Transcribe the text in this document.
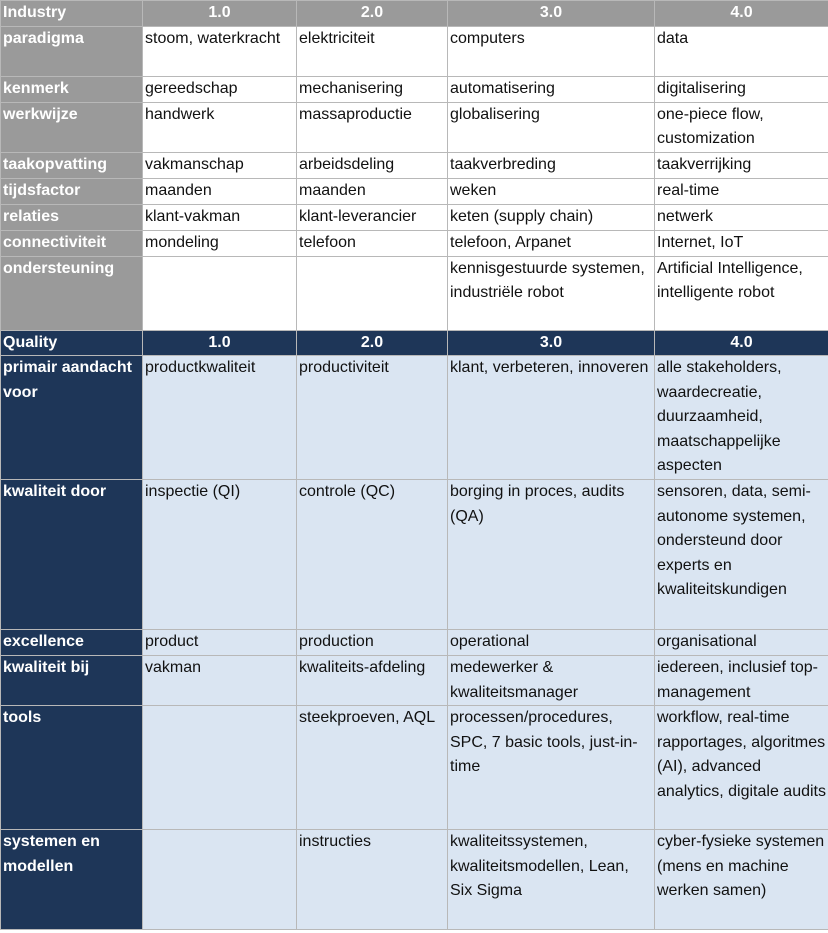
Industry	1.0	2.0	3.0	4.0
paradigma	stoom, waterkracht	elektriciteit	computers	data
kenmerk	gereedschap	mechanisering	automatisering	digitalisering
werkwijze	handwerk	massaproductie	globalisering	one-piece flow, customization
taakopvatting	vakmanschap	arbeidsdeling	taakverbreding	taakverrijking
tijdsfactor	maanden	maanden	weken	real-time
relaties	klant-vakman	klant-leverancier	keten (supply chain)	netwerk
connectiviteit	mondeling	telefoon	telefoon, Arpanet	Internet, IoT
ondersteuning			kennisgestuurde systemen, industriële robot	Artificial Intelligence, intelligente robot
Quality	1.0	2.0	3.0	4.0
primair aandacht voor	productkwaliteit	productiviteit	klant, verbeteren, innoveren	alle stakeholders, waardecreatie, duurzaamheid, maatschappelijke aspecten
kwaliteit door	inspectie (QI)	controle (QC)	borging in proces, audits (QA)	sensoren, data, semi-autonome systemen, ondersteund door experts en kwaliteitskundigen
excellence	product	production	operational	organisational
kwaliteit bij	vakman	kwaliteits-afdeling	medewerker & kwaliteitsmanager	iedereen, inclusief top-management
tools		steekproeven, AQL	processen/procedures, SPC, 7 basic tools, just-in-time	workflow, real-time rapportages, algoritmes (AI), advanced analytics, digitale audits
systemen en modellen		instructies	kwaliteitssystemen, kwaliteitsmodellen, Lean, Six Sigma	cyber-fysieke systemen (mens en machine werken samen)
